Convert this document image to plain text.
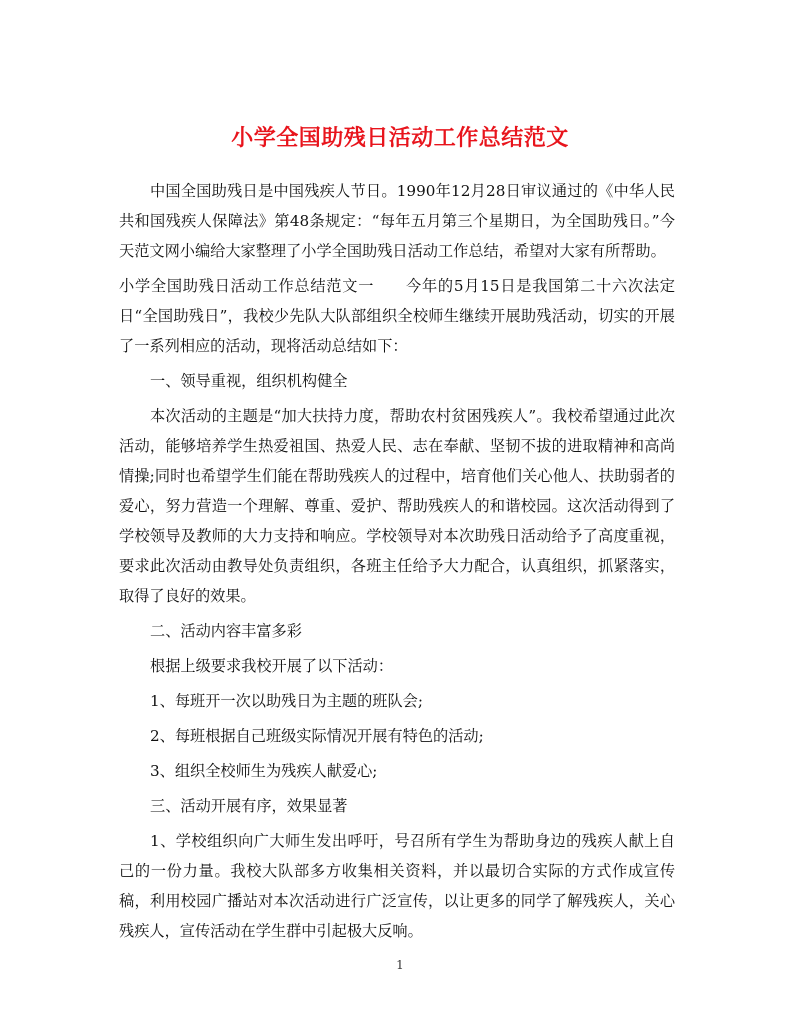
小学全国助残日活动工作总结范文

中国全国助残日是中国残疾人节日。1990年12月28日审议通过的《中华人民共和国残疾人保障法》第48条规定：“每年五月第三个星期日，为全国助残日。”今天范文网小编给大家整理了小学全国助残日活动工作总结，希望对大家有所帮助。

小学全国助残日活动工作总结范文一　　今年的5月15日是我国第二十六次法定日“全国助残日”，我校少先队大队部组织全校师生继续开展助残活动，切实的开展了一系列相应的活动，现将活动总结如下：

一、领导重视，组织机构健全

本次活动的主题是“加大扶持力度，帮助农村贫困残疾人”。我校希望通过此次活动，能够培养学生热爱祖国、热爱人民、志在奉献、坚韧不拔的进取精神和高尚情操;同时也希望学生们能在帮助残疾人的过程中，培育他们关心他人、扶助弱者的爱心，努力营造一个理解、尊重、爱护、帮助残疾人的和谐校园。这次活动得到了学校领导及教师的大力支持和响应。学校领导对本次助残日活动给予了高度重视，要求此次活动由教导处负责组织，各班主任给予大力配合，认真组织，抓紧落实，取得了良好的效果。

二、活动内容丰富多彩

根据上级要求我校开展了以下活动：

1、每班开一次以助残日为主题的班队会;

2、每班根据自己班级实际情况开展有特色的活动;

3、组织全校师生为残疾人献爱心;

三、活动开展有序，效果显著

1、学校组织向广大师生发出呼吁，号召所有学生为帮助身边的残疾人献上自己的一份力量。我校大队部多方收集相关资料，并以最切合实际的方式作成宣传稿，利用校园广播站对本次活动进行广泛宣传，以让更多的同学了解残疾人，关心残疾人，宣传活动在学生群中引起极大反响。

1
